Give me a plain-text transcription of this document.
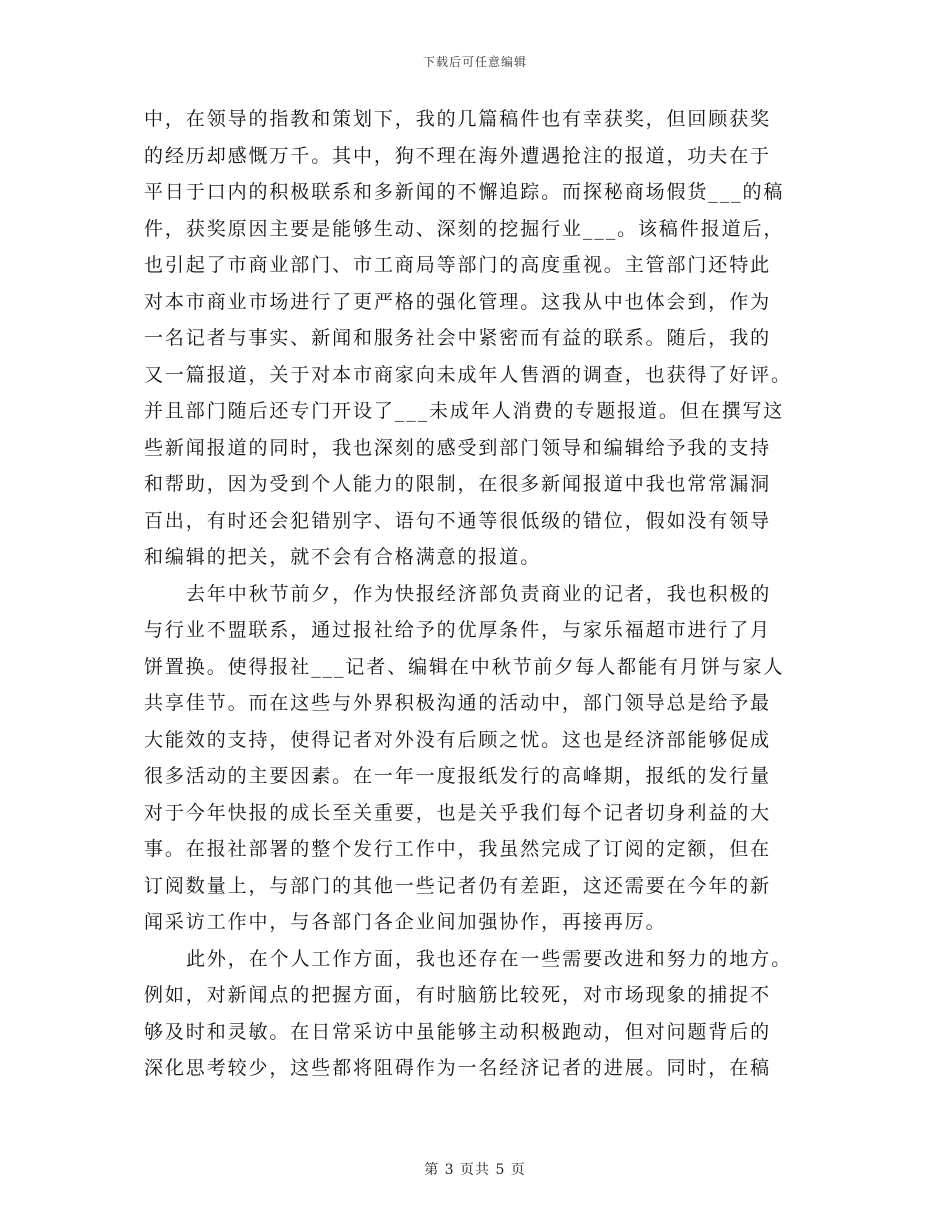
下载后可任意编辑
中，在领导的指教和策划下，我的几篇稿件也有幸获奖，但回顾获奖
的经历却感慨万千。其中，狗不理在海外遭遇抢注的报道，功夫在于
平日于口内的积极联系和多新闻的不懈追踪。而探秘商场假货___的稿
件，获奖原因主要是能够生动、深刻的挖掘行业___。该稿件报道后，
也引起了市商业部门、市工商局等部门的高度重视。主管部门还特此
对本市商业市场进行了更严格的强化管理。这我从中也体会到，作为
一名记者与事实、新闻和服务社会中紧密而有益的联系。随后，我的
又一篇报道，关于对本市商家向未成年人售酒的调查，也获得了好评。
并且部门随后还专门开设了___未成年人消费的专题报道。但在撰写这
些新闻报道的同时，我也深刻的感受到部门领导和编辑给予我的支持
和帮助，因为受到个人能力的限制，在很多新闻报道中我也常常漏洞
百出，有时还会犯错别字、语句不通等很低级的错位，假如没有领导
和编辑的把关，就不会有合格满意的报道。
去年中秋节前夕，作为快报经济部负责商业的记者，我也积极的
与行业不盟联系，通过报社给予的优厚条件，与家乐福超市进行了月
饼置换。使得报社___记者、编辑在中秋节前夕每人都能有月饼与家人
共享佳节。而在这些与外界积极沟通的活动中，部门领导总是给予最
大能效的支持，使得记者对外没有后顾之忧。这也是经济部能够促成
很多活动的主要因素。在一年一度报纸发行的高峰期，报纸的发行量
对于今年快报的成长至关重要，也是关乎我们每个记者切身利益的大
事。在报社部署的整个发行工作中，我虽然完成了订阅的定额，但在
订阅数量上，与部门的其他一些记者仍有差距，这还需要在今年的新
闻采访工作中，与各部门各企业间加强协作，再接再厉。
此外，在个人工作方面，我也还存在一些需要改进和努力的地方。
例如，对新闻点的把握方面，有时脑筋比较死，对市场现象的捕捉不
够及时和灵敏。在日常采访中虽能够主动积极跑动，但对问题背后的
深化思考较少，这些都将阻碍作为一名经济记者的进展。同时，在稿
第 3 页共 5 页
